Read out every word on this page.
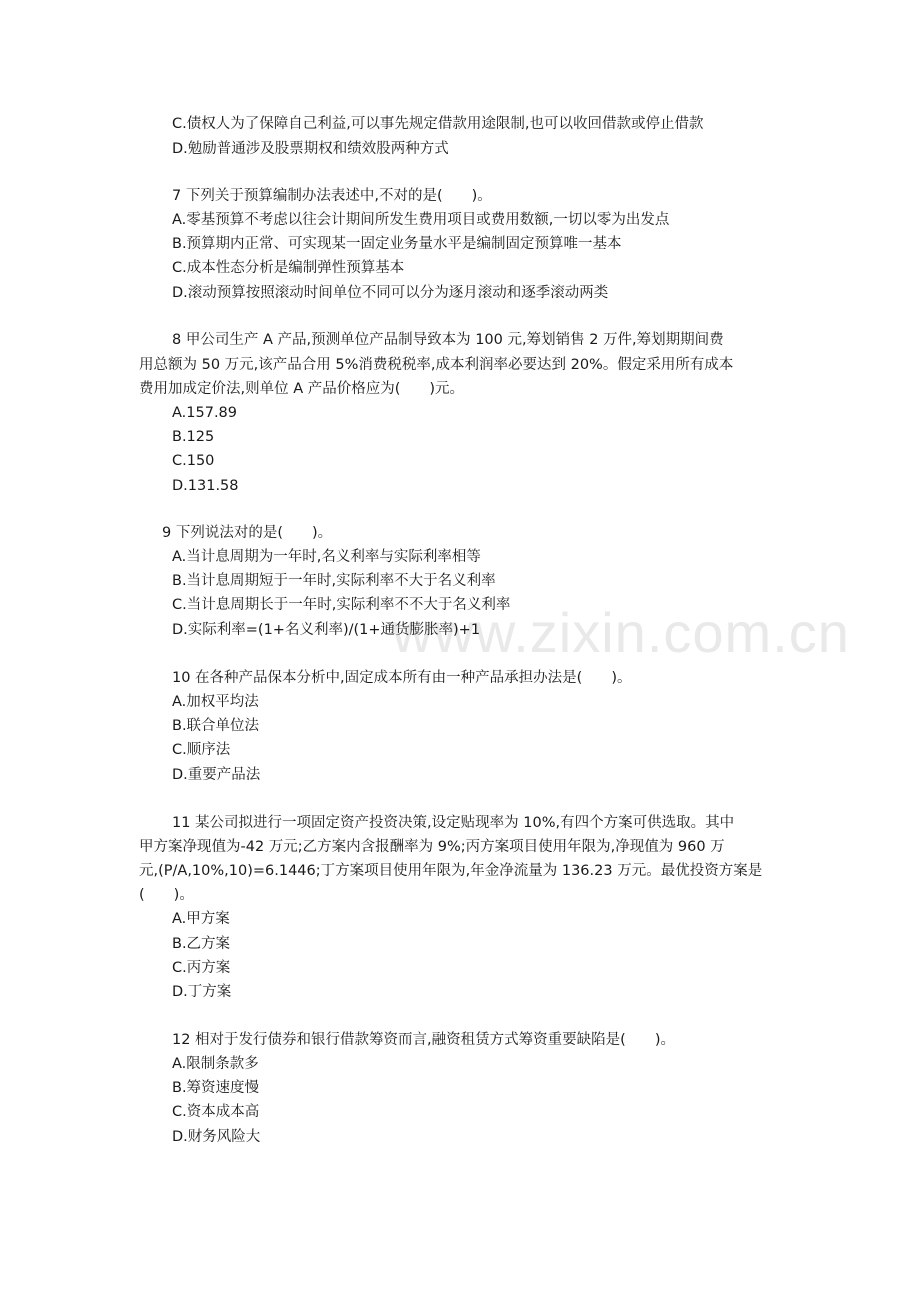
www.zixin.com.cn
C.债权人为了保障自己利益,可以事先规定借款用途限制,也可以收回借款或停止借款
D.勉励普通涉及股票期权和绩效股两种方式
7 下列关于预算编制办法表述中,不对的是(　　)。
A.零基预算不考虑以往会计期间所发生费用项目或费用数额,一切以零为出发点
B.预算期内正常、可实现某一固定业务量水平是编制固定预算唯一基本
C.成本性态分析是编制弹性预算基本
D.滚动预算按照滚动时间单位不同可以分为逐月滚动和逐季滚动两类
8 甲公司生产 A 产品,预测单位产品制导致本为 100 元,筹划销售 2 万件,筹划期期间费
用总额为 50 万元,该产品合用 5%消费税税率,成本利润率必要达到 20%。假定采用所有成本
费用加成定价法,则单位 A 产品价格应为(　　)元。
A.157.89
B.125
C.150
D.131.58
9 下列说法对的是(　　)。
A.当计息周期为一年时,名义利率与实际利率相等
B.当计息周期短于一年时,实际利率不大于名义利率
C.当计息周期长于一年时,实际利率不不大于名义利率
D.实际利率=(1+名义利率)/(1+通货膨胀率)+1
10 在各种产品保本分析中,固定成本所有由一种产品承担办法是(　　)。
A.加权平均法
B.联合单位法
C.顺序法
D.重要产品法
11 某公司拟进行一项固定资产投资决策,设定贴现率为 10%,有四个方案可供选取。其中
甲方案净现值为-42 万元;乙方案内含报酬率为 9%;丙方案项目使用年限为,净现值为 960 万
元,(P/A,10%,10)=6.1446;丁方案项目使用年限为,年金净流量为 136.23 万元。最优投资方案是
(　　)。
A.甲方案
B.乙方案
C.丙方案
D.丁方案
12 相对于发行债券和银行借款筹资而言,融资租赁方式筹资重要缺陷是(　　)。
A.限制条款多
B.筹资速度慢
C.资本成本高
D.财务风险大
